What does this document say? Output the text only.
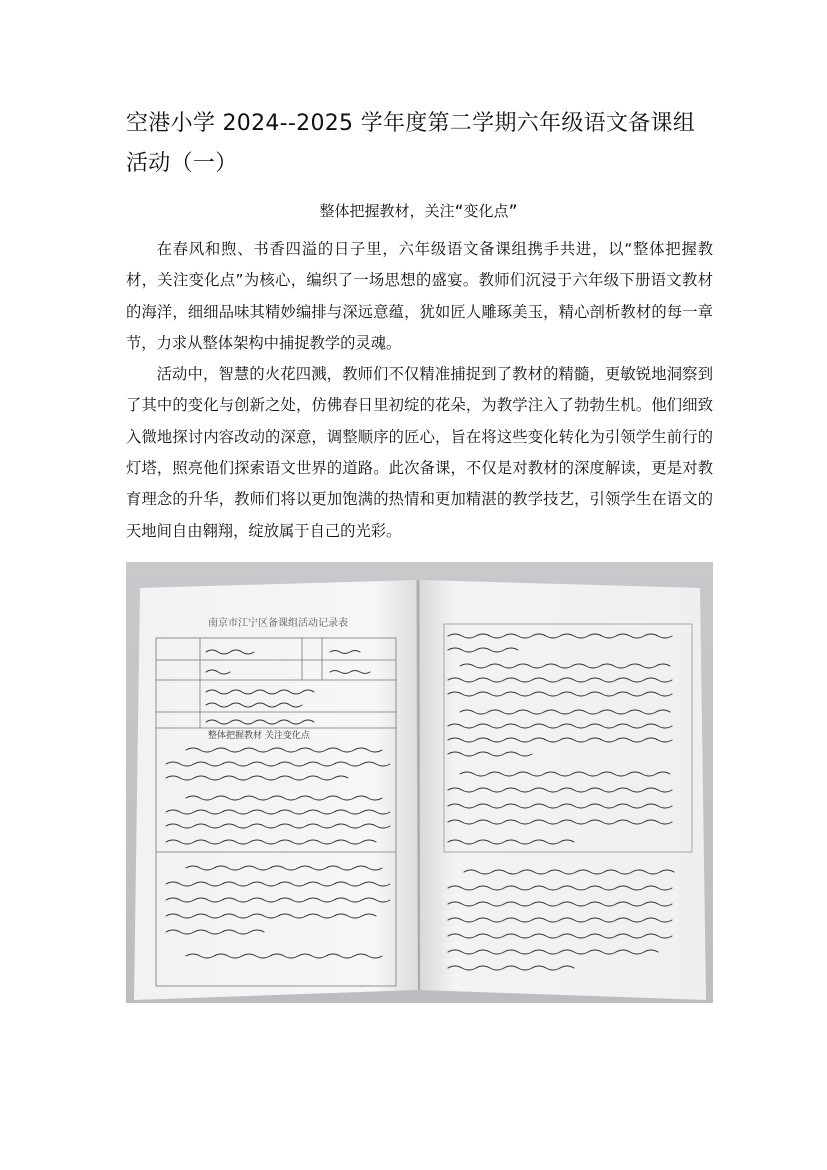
空港小学 2024--2025 学年度第二学期六年级语文备课组活动（一）
整体把握教材，关注“变化点”

在春风和煦、书香四溢的日子里，六年级语文备课组携手共进，以“整体把握教材，关注变化点”为核心，编织了一场思想的盛宴。教师们沉浸于六年级下册语文教材的海洋，细细品味其精妙编排与深远意蕴，犹如匠人雕琢美玉，精心剖析教材的每一章节，力求从整体架构中捕捉教学的灵魂。

活动中，智慧的火花四溅，教师们不仅精准捕捉到了教材的精髓，更敏锐地洞察到了其中的变化与创新之处，仿佛春日里初绽的花朵，为教学注入了勃勃生机。他们细致入微地探讨内容改动的深意，调整顺序的匠心，旨在将这些变化转化为引领学生前行的灯塔，照亮他们探索语文世界的道路。此次备课，不仅是对教材的深度解读，更是对教育理念的升华，教师们将以更加饱满的热情和更加精湛的教学技艺，引领学生在语文的天地间自由翱翔，绽放属于自己的光彩。

南京市江宁区备课组活动记录表
整体把握教材 关注变化点
